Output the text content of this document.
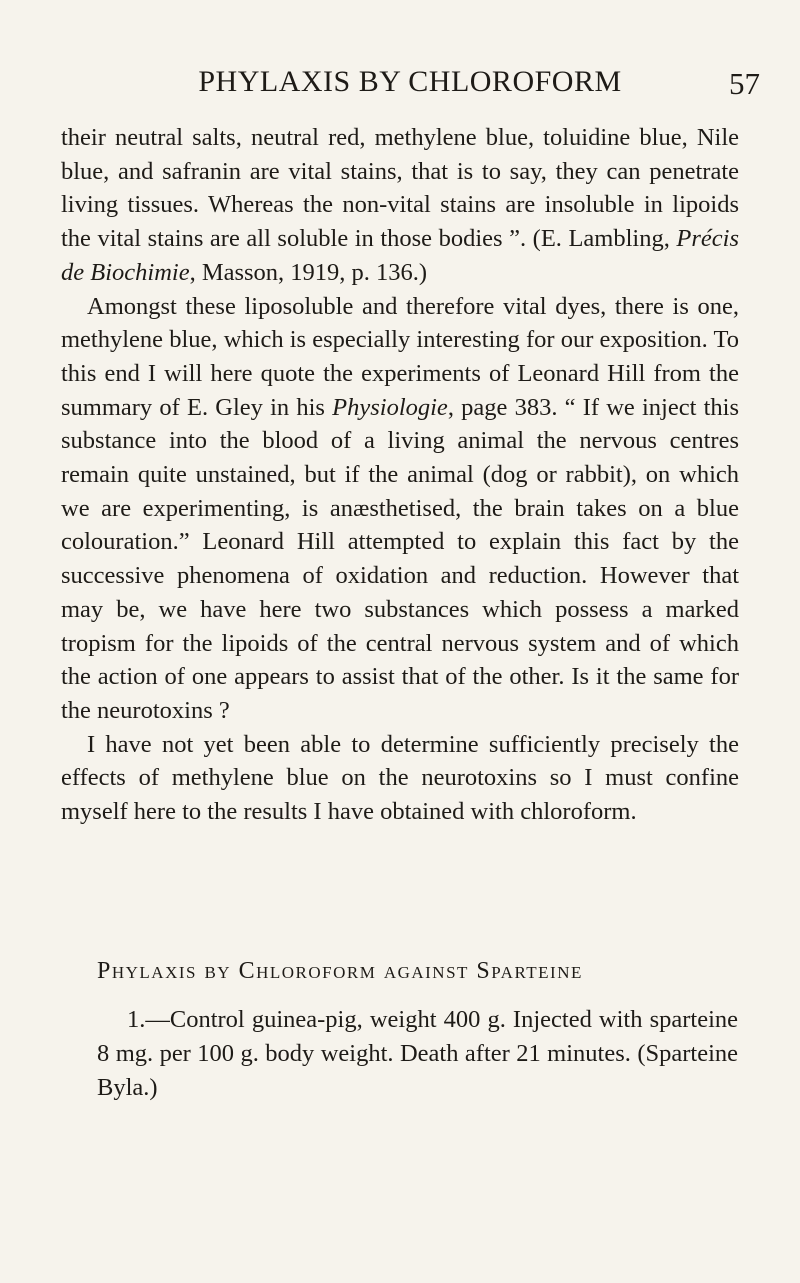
PHYLAXIS BY CHLOROFORM	57

their neutral salts, neutral red, methylene blue, toluidine blue, Nile blue, and safranin are vital stains, that is to say, they can penetrate living tissues. Whereas the non-vital stains are insoluble in lipoids the vital stains are all soluble in those bodies ”. (E. Lambling, Précis de Biochimie, Masson, 1919, p. 136.)

Amongst these liposoluble and therefore vital dyes, there is one, methylene blue, which is especially interesting for our exposition. To this end I will here quote the experiments of Leonard Hill from the summary of E. Gley in his Physiologie, page 383. “ If we inject this substance into the blood of a living animal the nervous centres remain quite unstained, but if the animal (dog or rabbit), on which we are experimenting, is anæsthetised, the brain takes on a blue colouration.” Leonard Hill attempted to explain this fact by the successive phenomena of oxidation and reduction. However that may be, we have here two substances which possess a marked tropism for the lipoids of the central nervous system and of which the action of one appears to assist that of the other. Is it the same for the neurotoxins ?

I have not yet been able to determine sufficiently precisely the effects of methylene blue on the neurotoxins so I must confine myself here to the results I have obtained with chloroform.

Phylaxis by Chloroform against Sparteine

1.—Control guinea-pig, weight 400 g. Injected with sparteine 8 mg. per 100 g. body weight. Death after 21 minutes. (Sparteine Byla.)
